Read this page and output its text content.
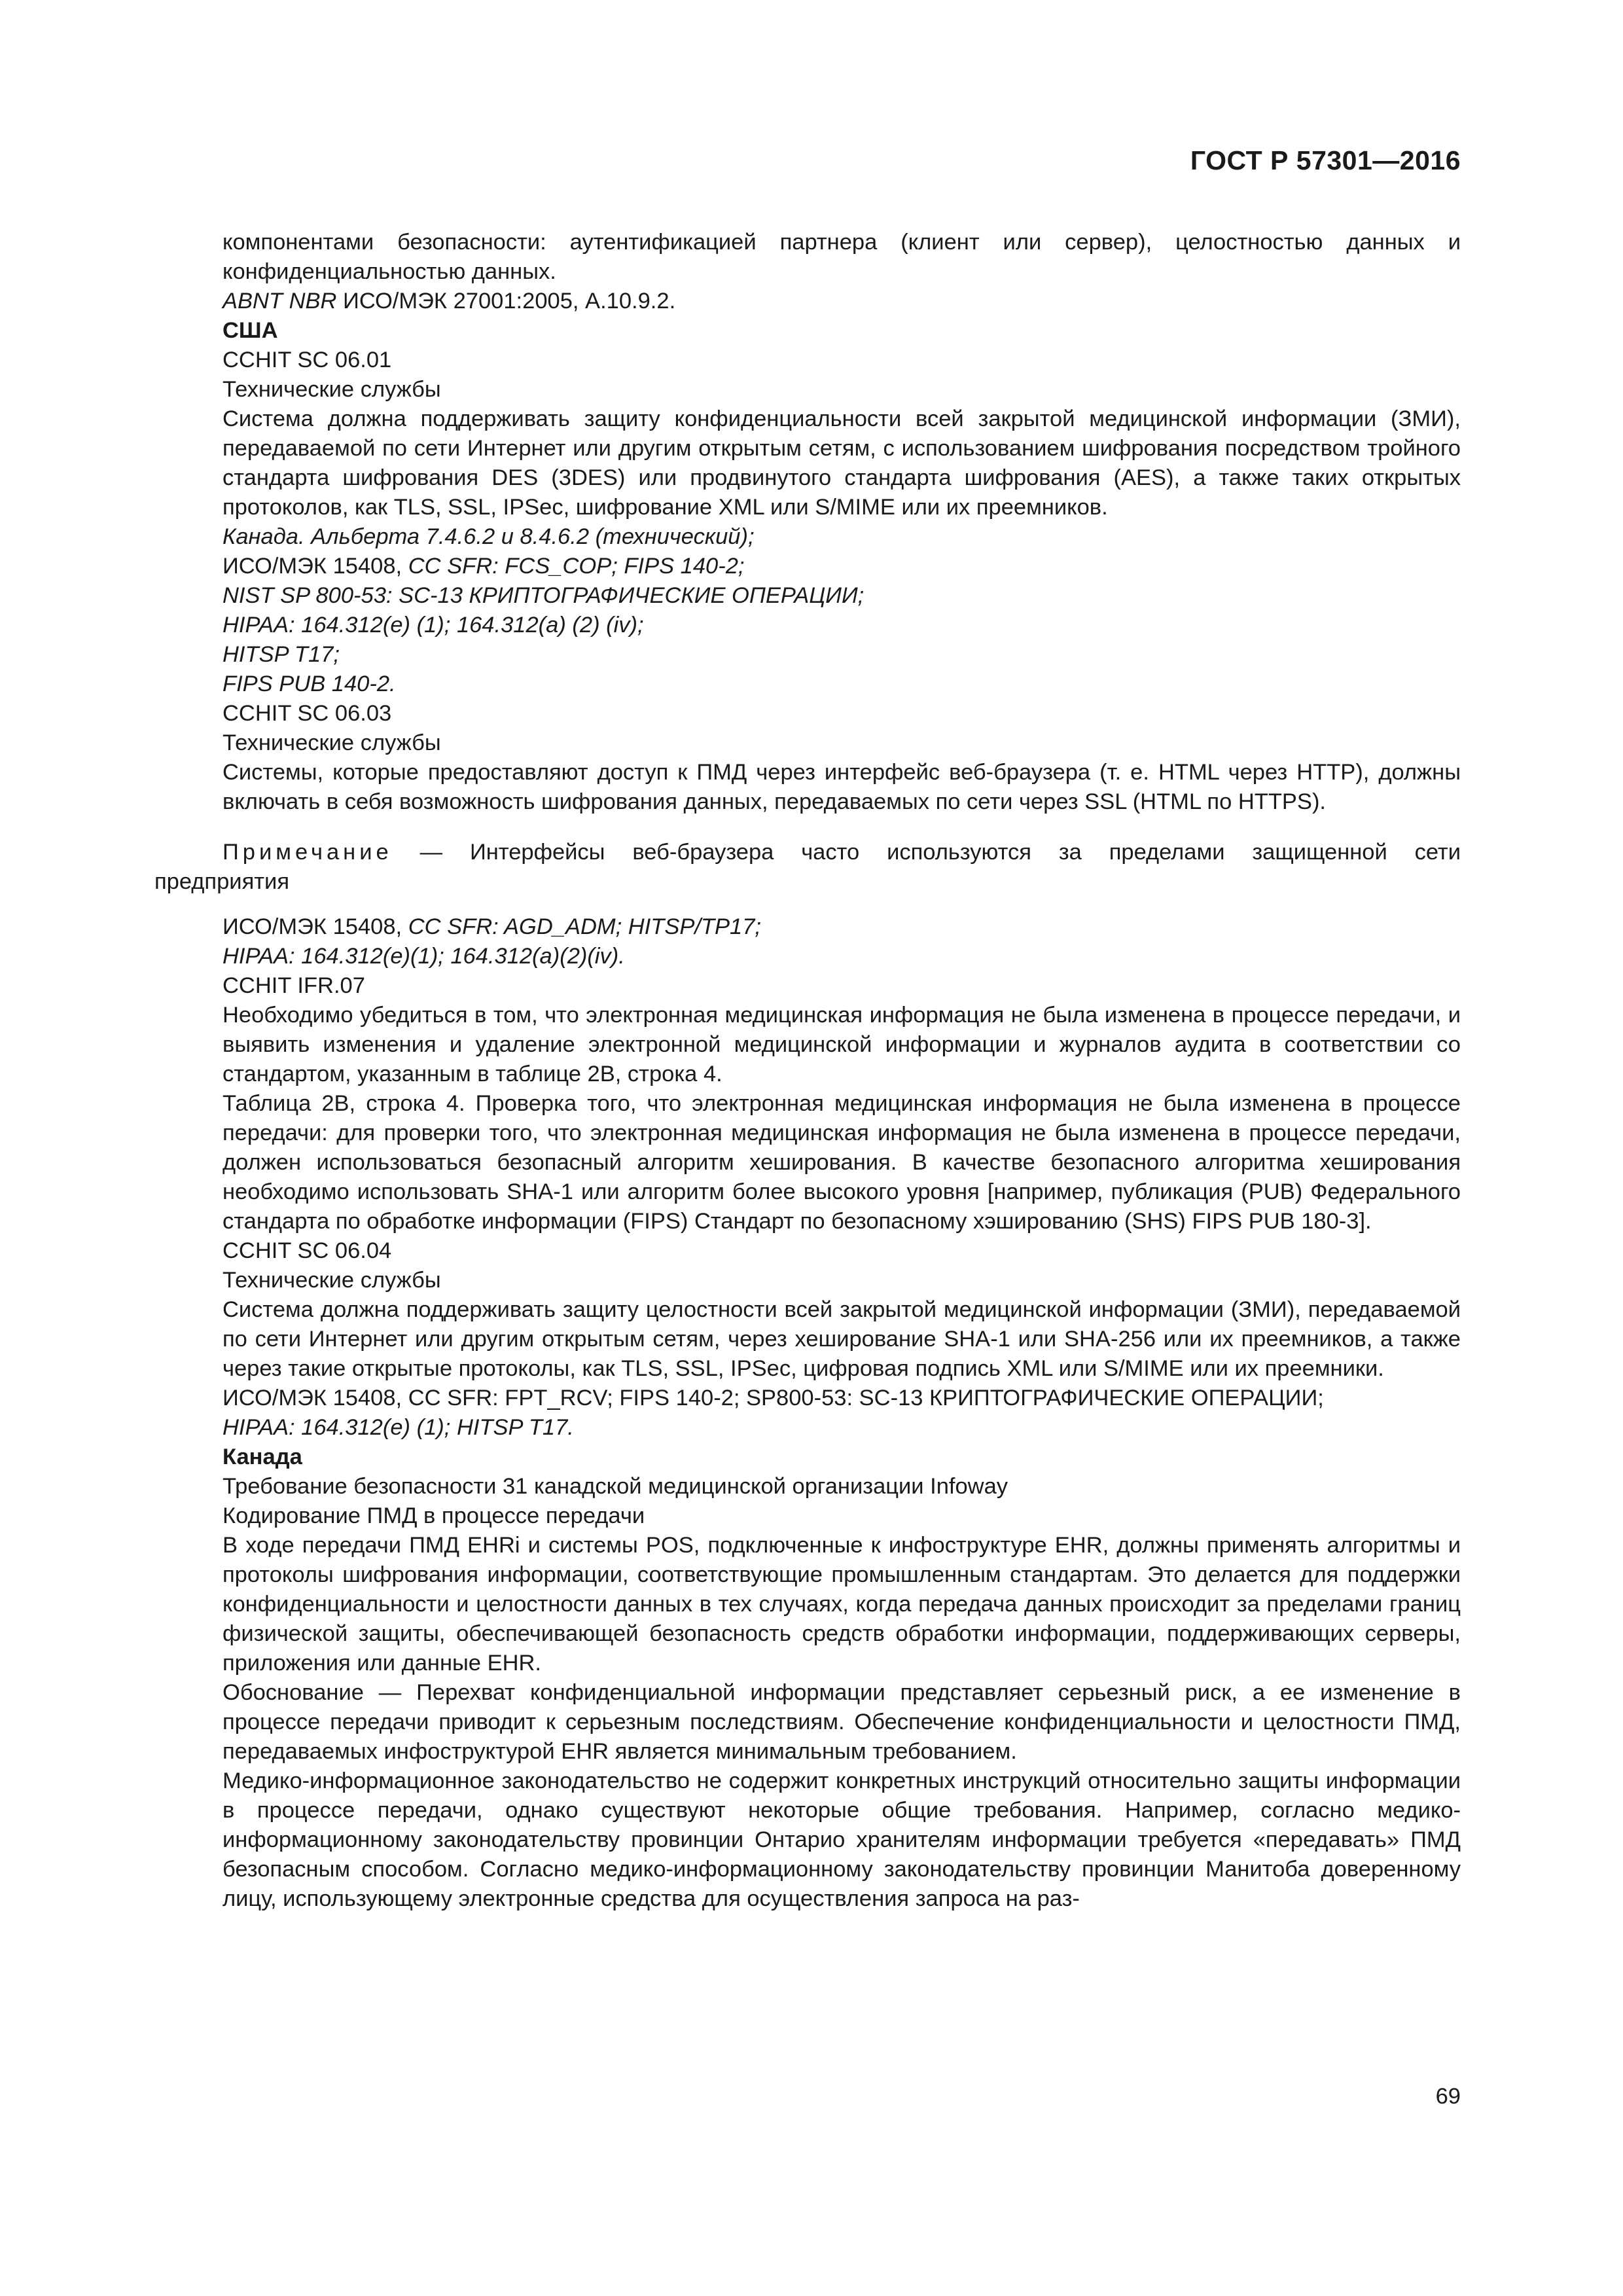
ГОСТ Р 57301—2016

компонентами безопасности: аутентификацией партнера (клиент или сервер), целостностью данных и конфиденциальностью данных.

ABNT NBR ИСО/МЭК 27001:2005, А.10.9.2.

США

CCHIT SC 06.01

Технические службы

Система должна поддерживать защиту конфиденциальности всей закрытой медицинской информации (ЗМИ), передаваемой по сети Интернет или другим открытым сетям, с использованием шифрования посредством тройного стандарта шифрования DES (3DES) или продвинутого стандарта шифрования (AES), а также таких открытых протоколов, как TLS, SSL, IPSec, шифрование XML или S/MIME или их преемников.

Канада. Альберта 7.4.6.2 и 8.4.6.2 (технический);

ИСО/МЭК 15408, CC SFR: FCS_COP; FIPS 140-2;

NIST SP 800-53: SC-13 КРИПТОГРАФИЧЕСКИЕ ОПЕРАЦИИ;

HIPAA: 164.312(е) (1); 164.312(а) (2) (iv);

HITSP T17;

FIPS PUB 140-2.

CCHIT SC 06.03

Технические службы

Системы, которые предоставляют доступ к ПМД через интерфейс веб-браузера (т. е. HTML через HTTP), должны включать в себя возможность шифрования данных, передаваемых по сети через SSL (HTML по HTTPS).

Примечание — Интерфейсы веб-браузера часто используются за пределами защищенной сети
предприятия

ИСО/МЭК 15408, CC SFR: AGD_ADM; HITSP/TP17;

HIPAA: 164.312(е)(1); 164.312(а)(2)(iv).

CCHIT IFR.07

Необходимо убедиться в том, что электронная медицинская информация не была изменена в процессе передачи, и выявить изменения и удаление электронной медицинской информации и журналов аудита в соответствии со стандартом, указанным в таблице 2В, строка 4.

Таблица 2В, строка 4. Проверка того, что электронная медицинская информация не была изменена в процессе передачи: для проверки того, что электронная медицинская информация не была изменена в процессе передачи, должен использоваться безопасный алгоритм хеширования. В качестве безопасного алгоритма хеширования необходимо использовать SHA-1 или алгоритм более высокого уровня [например, публикация (PUB) Федерального стандарта по обработке информации (FIPS) Стандарт по безопасному хэшированию (SHS) FIPS PUB 180-3].

CCHIT SC 06.04

Технические службы

Система должна поддерживать защиту целостности всей закрытой медицинской информации (ЗМИ), передаваемой по сети Интернет или другим открытым сетям, через хеширование SHA-1 или SHA-256 или их преемников, а также через такие открытые протоколы, как TLS, SSL, IPSec, цифровая подпись XML или S/MIME или их преемники.

ИСО/МЭК 15408, CC SFR: FPT_RCV; FIPS 140-2; SP800-53: SC-13 КРИПТОГРАФИЧЕСКИЕ ОПЕРАЦИИ;

HIPAA: 164.312(е) (1); HITSP T17.

Канада

Требование безопасности 31 канадской медицинской организации Infoway

Кодирование ПМД в процессе передачи

В ходе передачи ПМД EHRi и системы POS, подключенные к инфоструктуре EHR, должны применять алгоритмы и протоколы шифрования информации, соответствующие промышленным стандартам. Это делается для поддержки конфиденциальности и целостности данных в тех случаях, когда передача данных происходит за пределами границ физической защиты, обеспечивающей безопасность средств обработки информации, поддерживающих серверы, приложения или данные EHR.

Обоснование — Перехват конфиденциальной информации представляет серьезный риск, а ее изменение в процессе передачи приводит к серьезным последствиям. Обеспечение конфиденциальности и целостности ПМД, передаваемых инфоструктурой EHR является минимальным требованием.

Медико-информационное законодательство не содержит конкретных инструкций относительно защиты информации в процессе передачи, однако существуют некоторые общие требования. Например, согласно медико-информационному законодательству провинции Онтарио хранителям информации требуется «передавать» ПМД безопасным способом. Согласно медико-информационному законодательству провинции Манитоба доверенному лицу, использующему электронные средства для осуществления запроса на раз-

69
